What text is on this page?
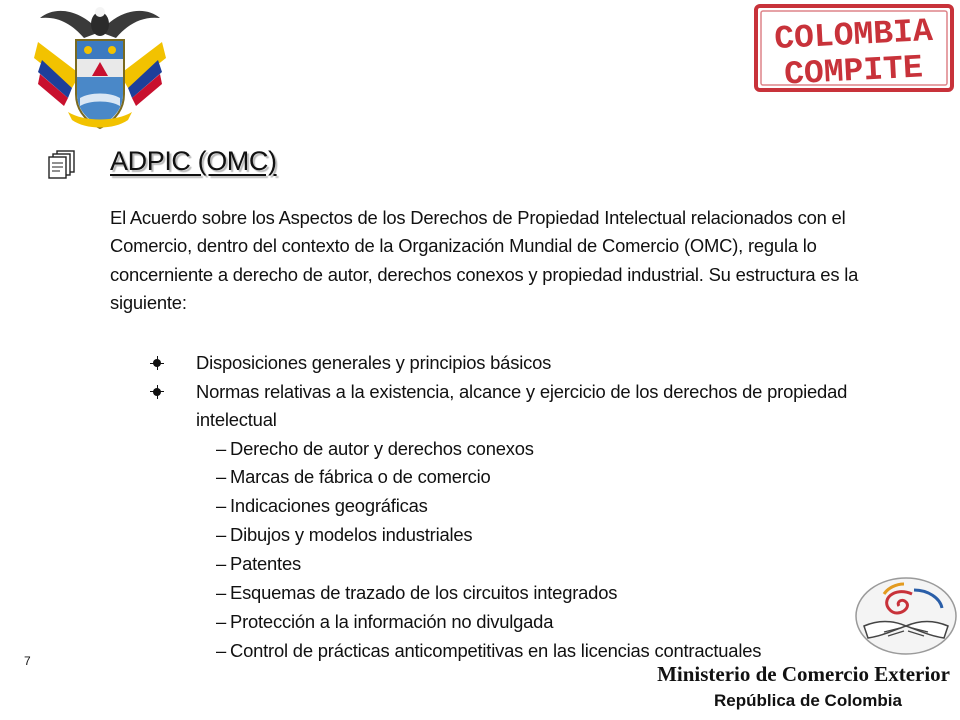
COLOMBIA
COMPITE
ADPIC (OMC)

El Acuerdo sobre los Aspectos de los Derechos de Propiedad Intelectual relacionados con el Comercio, dentro del contexto de la Organización Mundial de Comercio (OMC), regula lo concerniente a derecho de autor, derechos conexos y propiedad industrial. Su estructura es la siguiente:

Disposiciones generales y principios básicos
Normas relativas a la existencia, alcance y ejercicio de los derechos de propiedad intelectual
– Derecho de autor y derechos conexos
– Marcas de fábrica o de comercio
– Indicaciones geográficas
– Dibujos y modelos industriales
– Patentes
– Esquemas de trazado de los circuitos integrados
– Protección a la información no divulgada
– Control de prácticas anticompetitivas en las licencias contractuales
7
Ministerio de Comercio Exterior
República de Colombia
